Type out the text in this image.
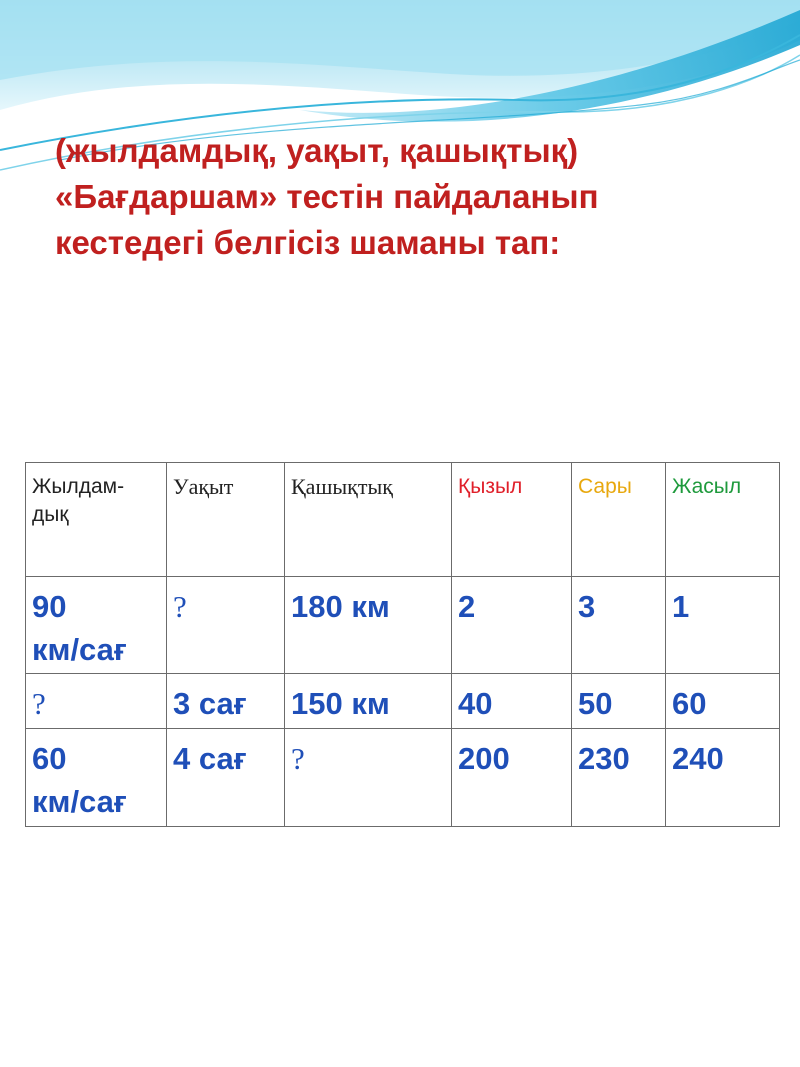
(жылдамдық, уақыт, қашықтық)
«Бағдаршам» тестін пайдаланып
кестедегі белгісіз шаманы тап:
Жылдам-
дық	Уақыт	Қашықтық	Қызыл	Сары	Жасыл

90
км/сағ	?	180 км	2	3	1

?	3 сағ	150 км	40	50	60

60
км/сағ	4 сағ	?	200	230	240
